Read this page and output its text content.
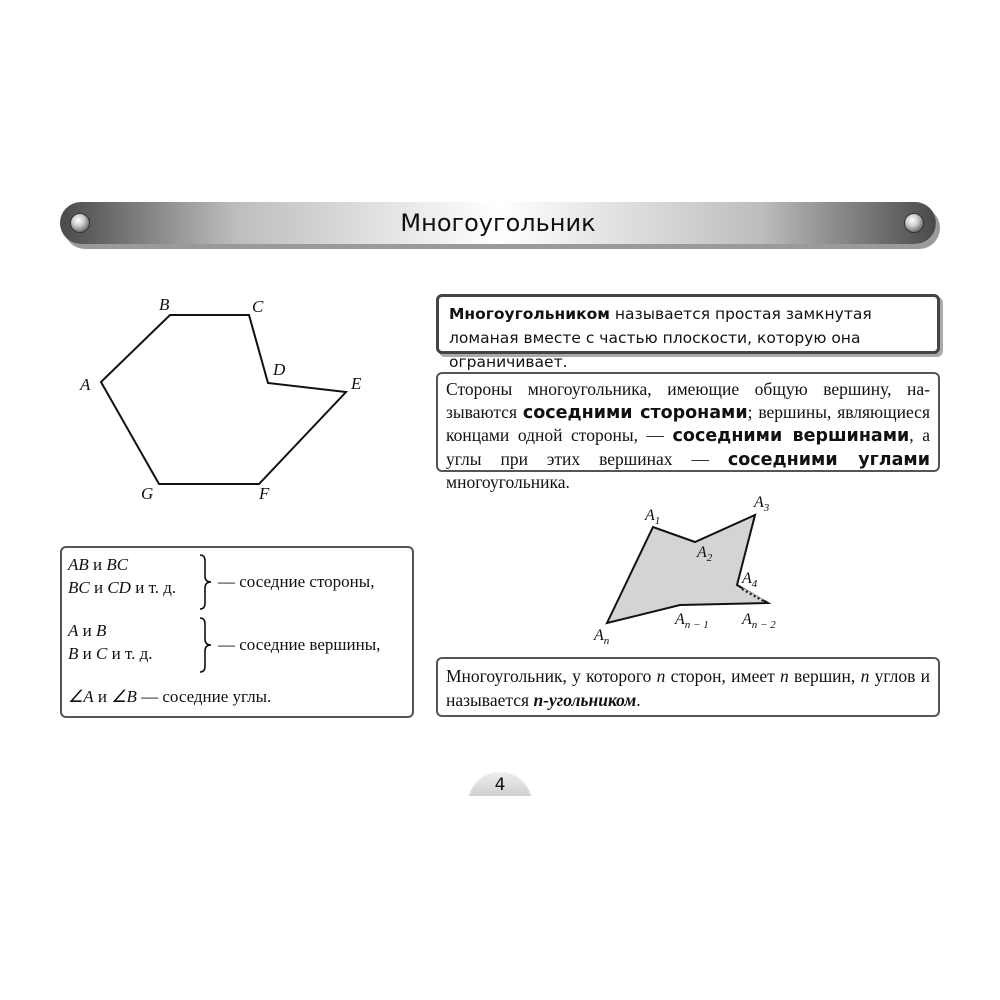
Многоугольник
A
B	C
D
E
F
G
Многоугольником называется простая замкнутая ломаная вместе с частью плоскости, которую она ограничивает.
Стороны многоугольника, имеющие общую вершину, на-зываются соседними сторонами; вершины, являющиеся концами одной стороны, — соседними вершинами, а углы при этих вершинах — соседними углами многоугольника.
$A_1$
$A_2$
$A_3$
$A_4$
$A_n$
$A_{n - 1}$ $A_{n - 2}$
Многоугольник, у которого n сторон, имеет n вершин, n углов и называется n-угольником.
AB и BC
BC и CD и т. д. — соседние стороны,
A и B
B и C и т. д.	— соседние вершины,
∠A и ∠B — соседние углы.
4
